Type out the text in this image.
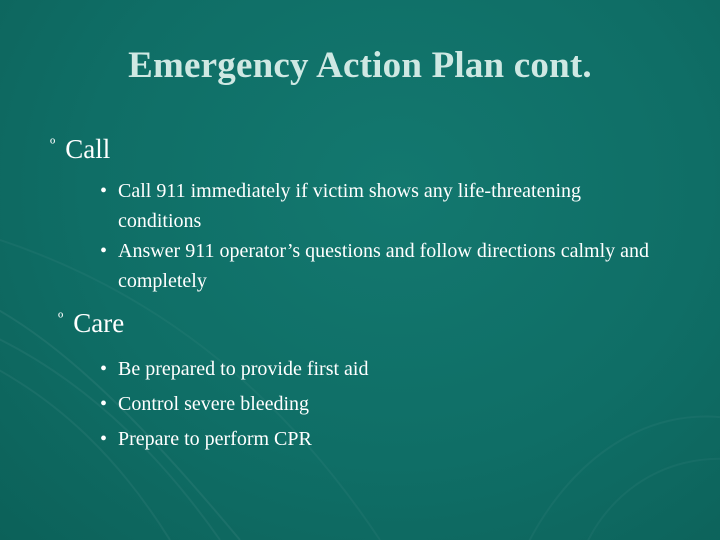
Emergency Action Plan cont.
º Call
• Call 911 immediately if victim shows any life-threatening conditions
• Answer 911 operator’s questions and follow directions calmly and completely
º Care
• Be prepared to provide first aid
• Control severe bleeding
• Prepare to perform CPR
